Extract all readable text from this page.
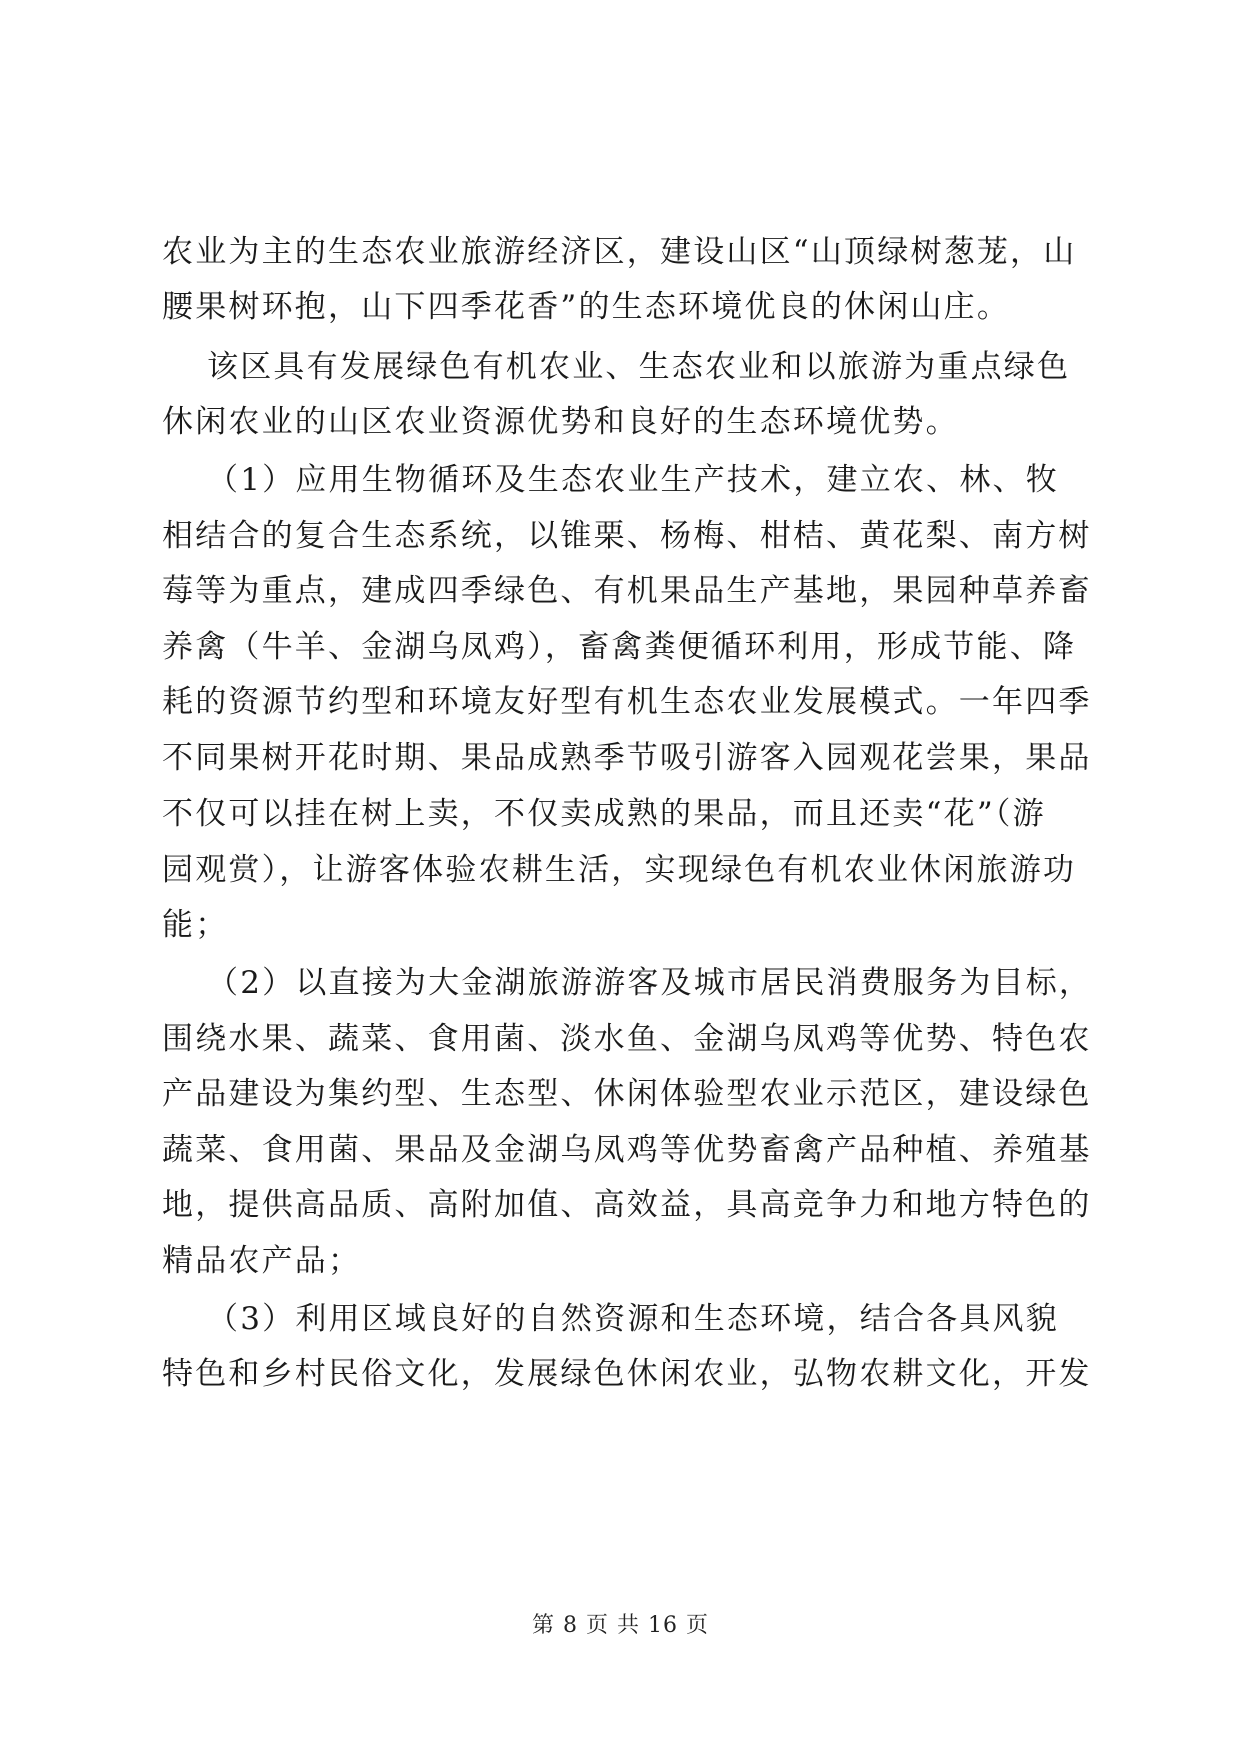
农业为主的生态农业旅游经济区，建设山区“山顶绿树葱茏，山
腰果树环抱，山下四季花香”的生态环境优良的休闲山庄。
该区具有发展绿色有机农业、生态农业和以旅游为重点绿色
休闲农业的山区农业资源优势和良好的生态环境优势。
（1）应用生物循环及生态农业生产技术，建立农、林、牧
相结合的复合生态系统，以锥栗、杨梅、柑桔、黄花梨、南方树
莓等为重点，建成四季绿色、有机果品生产基地，果园种草养畜
养禽（牛羊、金湖乌凤鸡），畜禽粪便循环利用，形成节能、降
耗的资源节约型和环境友好型有机生态农业发展模式。一年四季
不同果树开花时期、果品成熟季节吸引游客入园观花尝果，果品
不仅可以挂在树上卖，不仅卖成熟的果品，而且还卖“花”（游
园观赏），让游客体验农耕生活，实现绿色有机农业休闲旅游功
能；
（2）以直接为大金湖旅游游客及城市居民消费服务为目标，
围绕水果、蔬菜、食用菌、淡水鱼、金湖乌凤鸡等优势、特色农
产品建设为集约型、生态型、休闲体验型农业示范区，建设绿色
蔬菜、食用菌、果品及金湖乌凤鸡等优势畜禽产品种植、养殖基
地，提供高品质、高附加值、高效益，具高竞争力和地方特色的
精品农产品；
（3）利用区域良好的自然资源和生态环境，结合各具风貌
特色和乡村民俗文化，发展绿色休闲农业，弘物农耕文化，开发
第 8 页 共 16 页
